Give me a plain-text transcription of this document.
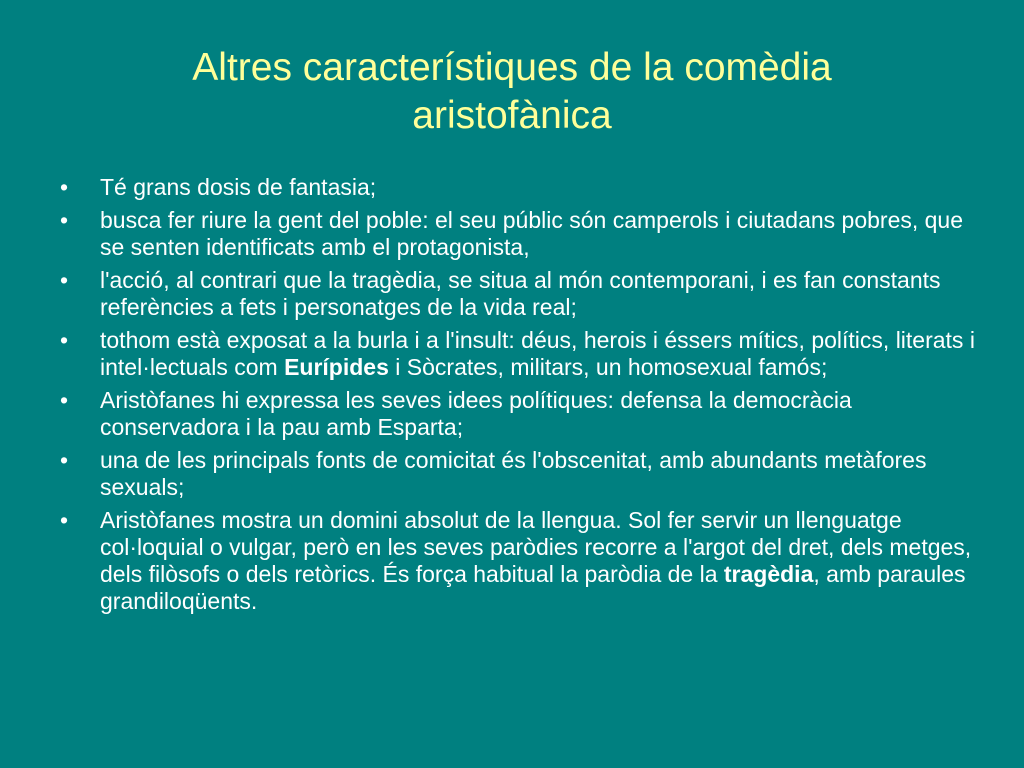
Altres característiques de la comèdia
aristofànica
• Té grans dosis de fantasia;
• busca fer riure la gent del poble: el seu públic són camperols i ciutadans pobres, que se senten identificats amb el protagonista,
• l'acció, al contrari que la tragèdia, se situa al món contemporani, i es fan constants referències a fets i personatges de la vida real;
• tothom està exposat a la burla i a l'insult: déus, herois i éssers mítics, polítics, literats i intel·lectuals com Eurípides i Sòcrates, militars, un homosexual famós;
• Aristòfanes hi expressa les seves idees polítiques: defensa la democràcia conservadora i la pau amb Esparta;
• una de les principals fonts de comicitat és l'obscenitat, amb abundants metàfores sexuals;
• Aristòfanes mostra un domini absolut de la llengua. Sol fer servir un llenguatge col·loquial o vulgar, però en les seves paròdies recorre a l'argot del dret, dels metges, dels filòsofs o dels retòrics. És força habitual la paròdia de la tragèdia, amb paraules grandiloqüents.
